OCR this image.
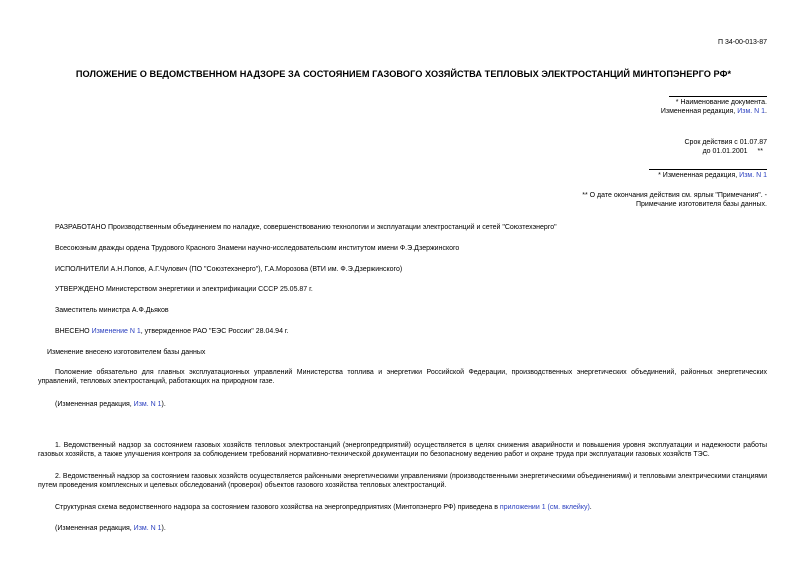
П 34-00-013-87
ПОЛОЖЕНИЕ О ВЕДОМСТВЕННОМ НАДЗОРЕ ЗА СОСТОЯНИЕМ ГАЗОВОГО ХОЗЯЙСТВА ТЕПЛОВЫХ ЭЛЕКТРОСТАНЦИЙ МИНТОПЭНЕРГО РФ*
* Наименование документа.
Измененная редакция, Изм. N 1.
Срок действия с 01.07.87
до 01.01.2001 **
* Измененная редакция, Изм. N 1
** О дате окончания действия см. ярлык "Примечания". -
Примечание изготовителя базы данных.
РАЗРАБОТАНО Производственным объединением по наладке, совершенствованию технологии и эксплуатации электростанций и сетей "Союзтехэнерго"
Всесоюзным дважды ордена Трудового Красного Знамени научно-исследовательским институтом имени Ф.Э.Дзержинского
ИСПОЛНИТЕЛИ А.Н.Попов, А.Г.Чулович (ПО "Союзтехэнерго"), Г.А.Морозова (ВТИ им. Ф.Э.Дзержинского)
УТВЕРЖДЕНО Министерством энергетики и электрификации СССР 25.05.87 г.
Заместитель министра А.Ф.Дьяков
ВНЕСЕНО Изменение N 1, утвержденное РАО "ЕЭС России" 28.04.94 г.
Изменение внесено изготовителем базы данных
Положение обязательно для главных эксплуатационных управлений Министерства топлива и энергетики Российской Федерации, производственных энергетических объединений, районных энергетических управлений, тепловых электростанций, работающих на природном газе.
(Измененная редакция, Изм. N 1).
1. Ведомственный надзор за состоянием газовых хозяйств тепловых электростанций (энергопредприятий) осуществляется в целях снижения аварийности и повышения уровня эксплуатации и надежности работы газовых хозяйств, а также улучшения контроля за соблюдением требований нормативно-технической документации по безопасному ведению работ и охране труда при эксплуатации газовых хозяйств ТЭС.
2. Ведомственный надзор за состоянием газовых хозяйств осуществляется районными энергетическими управлениями (производственными энергетическими объединениями) и тепловыми электрическими станциями путем проведения комплексных и целевых обследований (проверок) объектов газового хозяйства тепловых электростанций.
Структурная схема ведомственного надзора за состоянием газового хозяйства на энергопредприятиях (Минтопэнерго РФ) приведена в приложении 1 (см. вклейку).
(Измененная редакция, Изм. N 1).
